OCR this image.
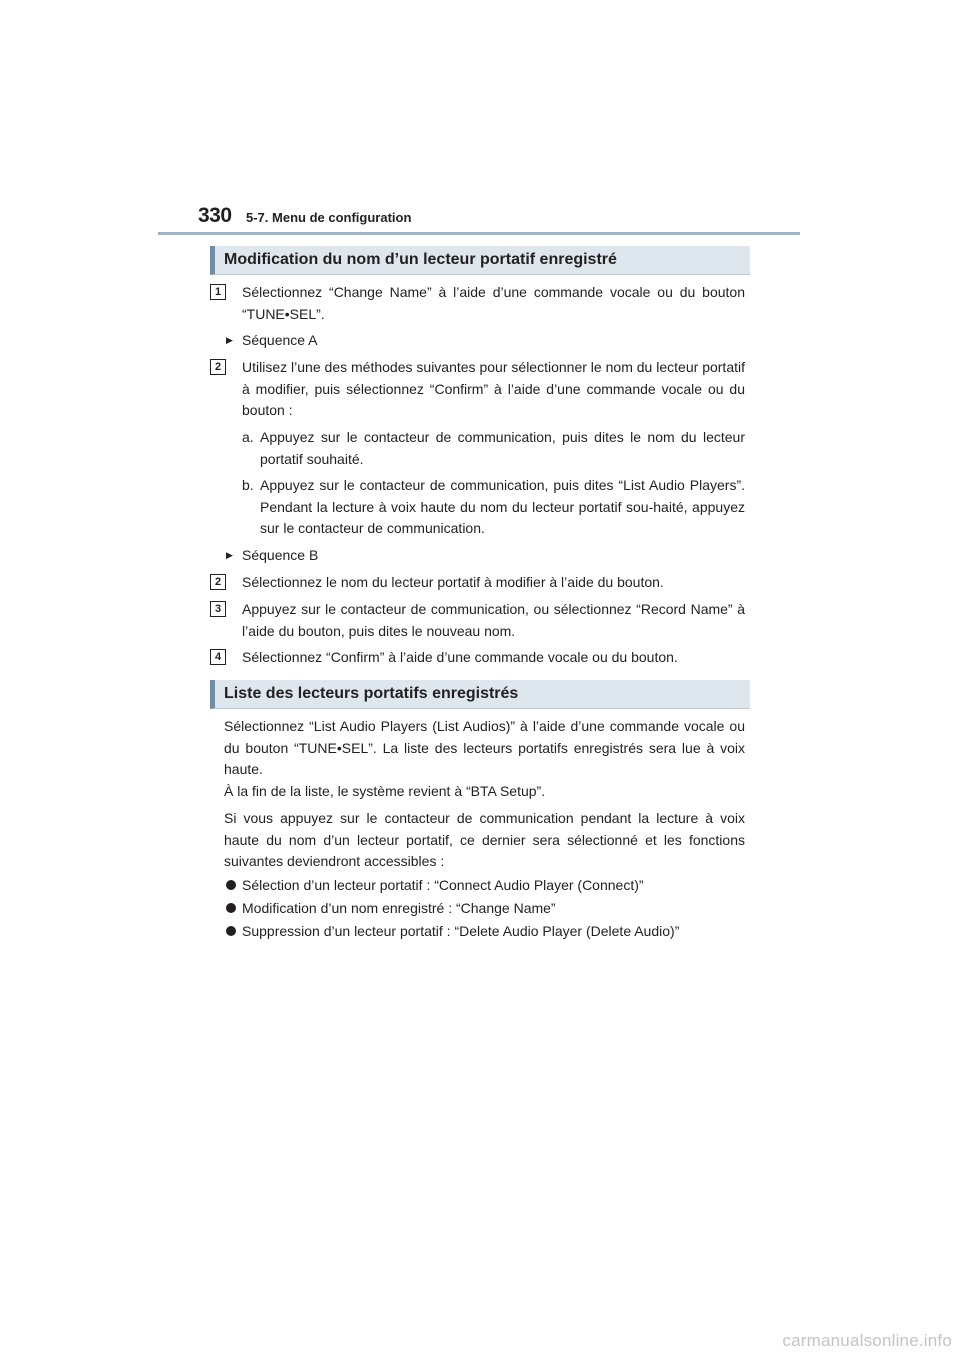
330 5-7. Menu de configuration
Modification du nom d’un lecteur portatif enregistré
1	Sélectionnez “Change Name” à l’aide d’une commande vocale ou du bouton “TUNE•SEL”.
▶ Séquence A
2	Utilisez l’une des méthodes suivantes pour sélectionner le nom du lecteur portatif à modifier, puis sélectionnez “Confirm” à l’aide d’une commande vocale ou du bouton :
a. Appuyez sur le contacteur de communication, puis dites le nom du lecteur portatif souhaité.
b. Appuyez sur le contacteur de communication, puis dites “List Audio Players”. Pendant la lecture à voix haute du nom du lecteur portatif sou-haité, appuyez sur le contacteur de communication.
▶ Séquence B
2	Sélectionnez le nom du lecteur portatif à modifier à l’aide du bouton.
3	Appuyez sur le contacteur de communication, ou sélectionnez “Record Name” à l’aide du bouton, puis dites le nouveau nom.
4	Sélectionnez “Confirm” à l’aide d’une commande vocale ou du bouton.
Liste des lecteurs portatifs enregistrés
Sélectionnez “List Audio Players (List Audios)” à l’aide d’une commande vocale ou du bouton “TUNE•SEL”. La liste des lecteurs portatifs enregistrés sera lue à voix haute.
À la fin de la liste, le système revient à “BTA Setup”.
Si vous appuyez sur le contacteur de communication pendant la lecture à voix haute du nom d’un lecteur portatif, ce dernier sera sélectionné et les fonctions suivantes deviendront accessibles :
Sélection d’un lecteur portatif : “Connect Audio Player (Connect)”
Modification d’un nom enregistré : “Change Name”
Suppression d’un lecteur portatif : “Delete Audio Player (Delete Audio)”
carmanualsonline.info
